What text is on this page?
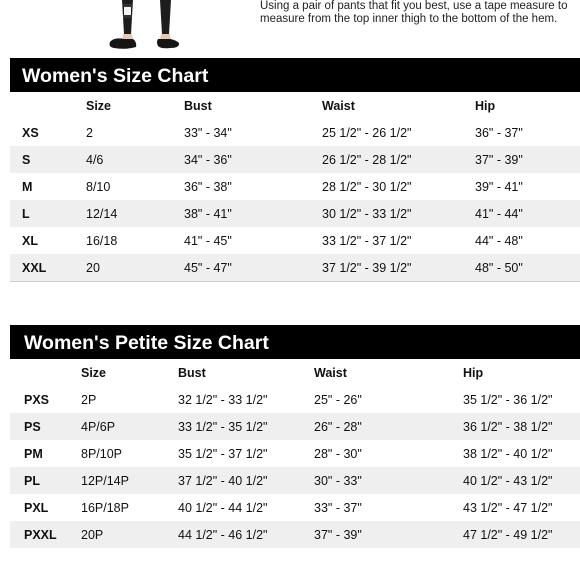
Using a pair of pants that fit you best, use a tape measure to measure from the top inner thigh to the bottom of the hem.
Women's Size Chart
	Size	Bust	Waist	Hip
XS	2	33" - 34"	25 1/2" - 26 1/2"	36" - 37"
S	4/6	34" - 36"	26 1/2" - 28 1/2"	37" - 39"
M	8/10	36" - 38"	28 1/2" - 30 1/2"	39" - 41"
L	12/14	38" - 41"	30 1/2" - 33 1/2"	41" - 44"
XL	16/18	41" - 45"	33 1/2" - 37 1/2"	44" - 48"
XXL	20	45" - 47"	37 1/2" - 39 1/2"	48" - 50"
Women's Petite Size Chart
	Size	Bust	Waist	Hip
PXS	2P	32 1/2" - 33 1/2"	25" - 26"	35 1/2" - 36 1/2"
PS	4P/6P	33 1/2" - 35 1/2"	26" - 28"	36 1/2" - 38 1/2"
PM	8P/10P	35 1/2" - 37 1/2"	28" - 30"	38 1/2" - 40 1/2"
PL	12P/14P	37 1/2" - 40 1/2"	30" - 33"	40 1/2" - 43 1/2"
PXL	16P/18P	40 1/2" - 44 1/2"	33" - 37"	43 1/2" - 47 1/2"
PXXL	20P	44 1/2" - 46 1/2"	37" - 39"	47 1/2" - 49 1/2"
